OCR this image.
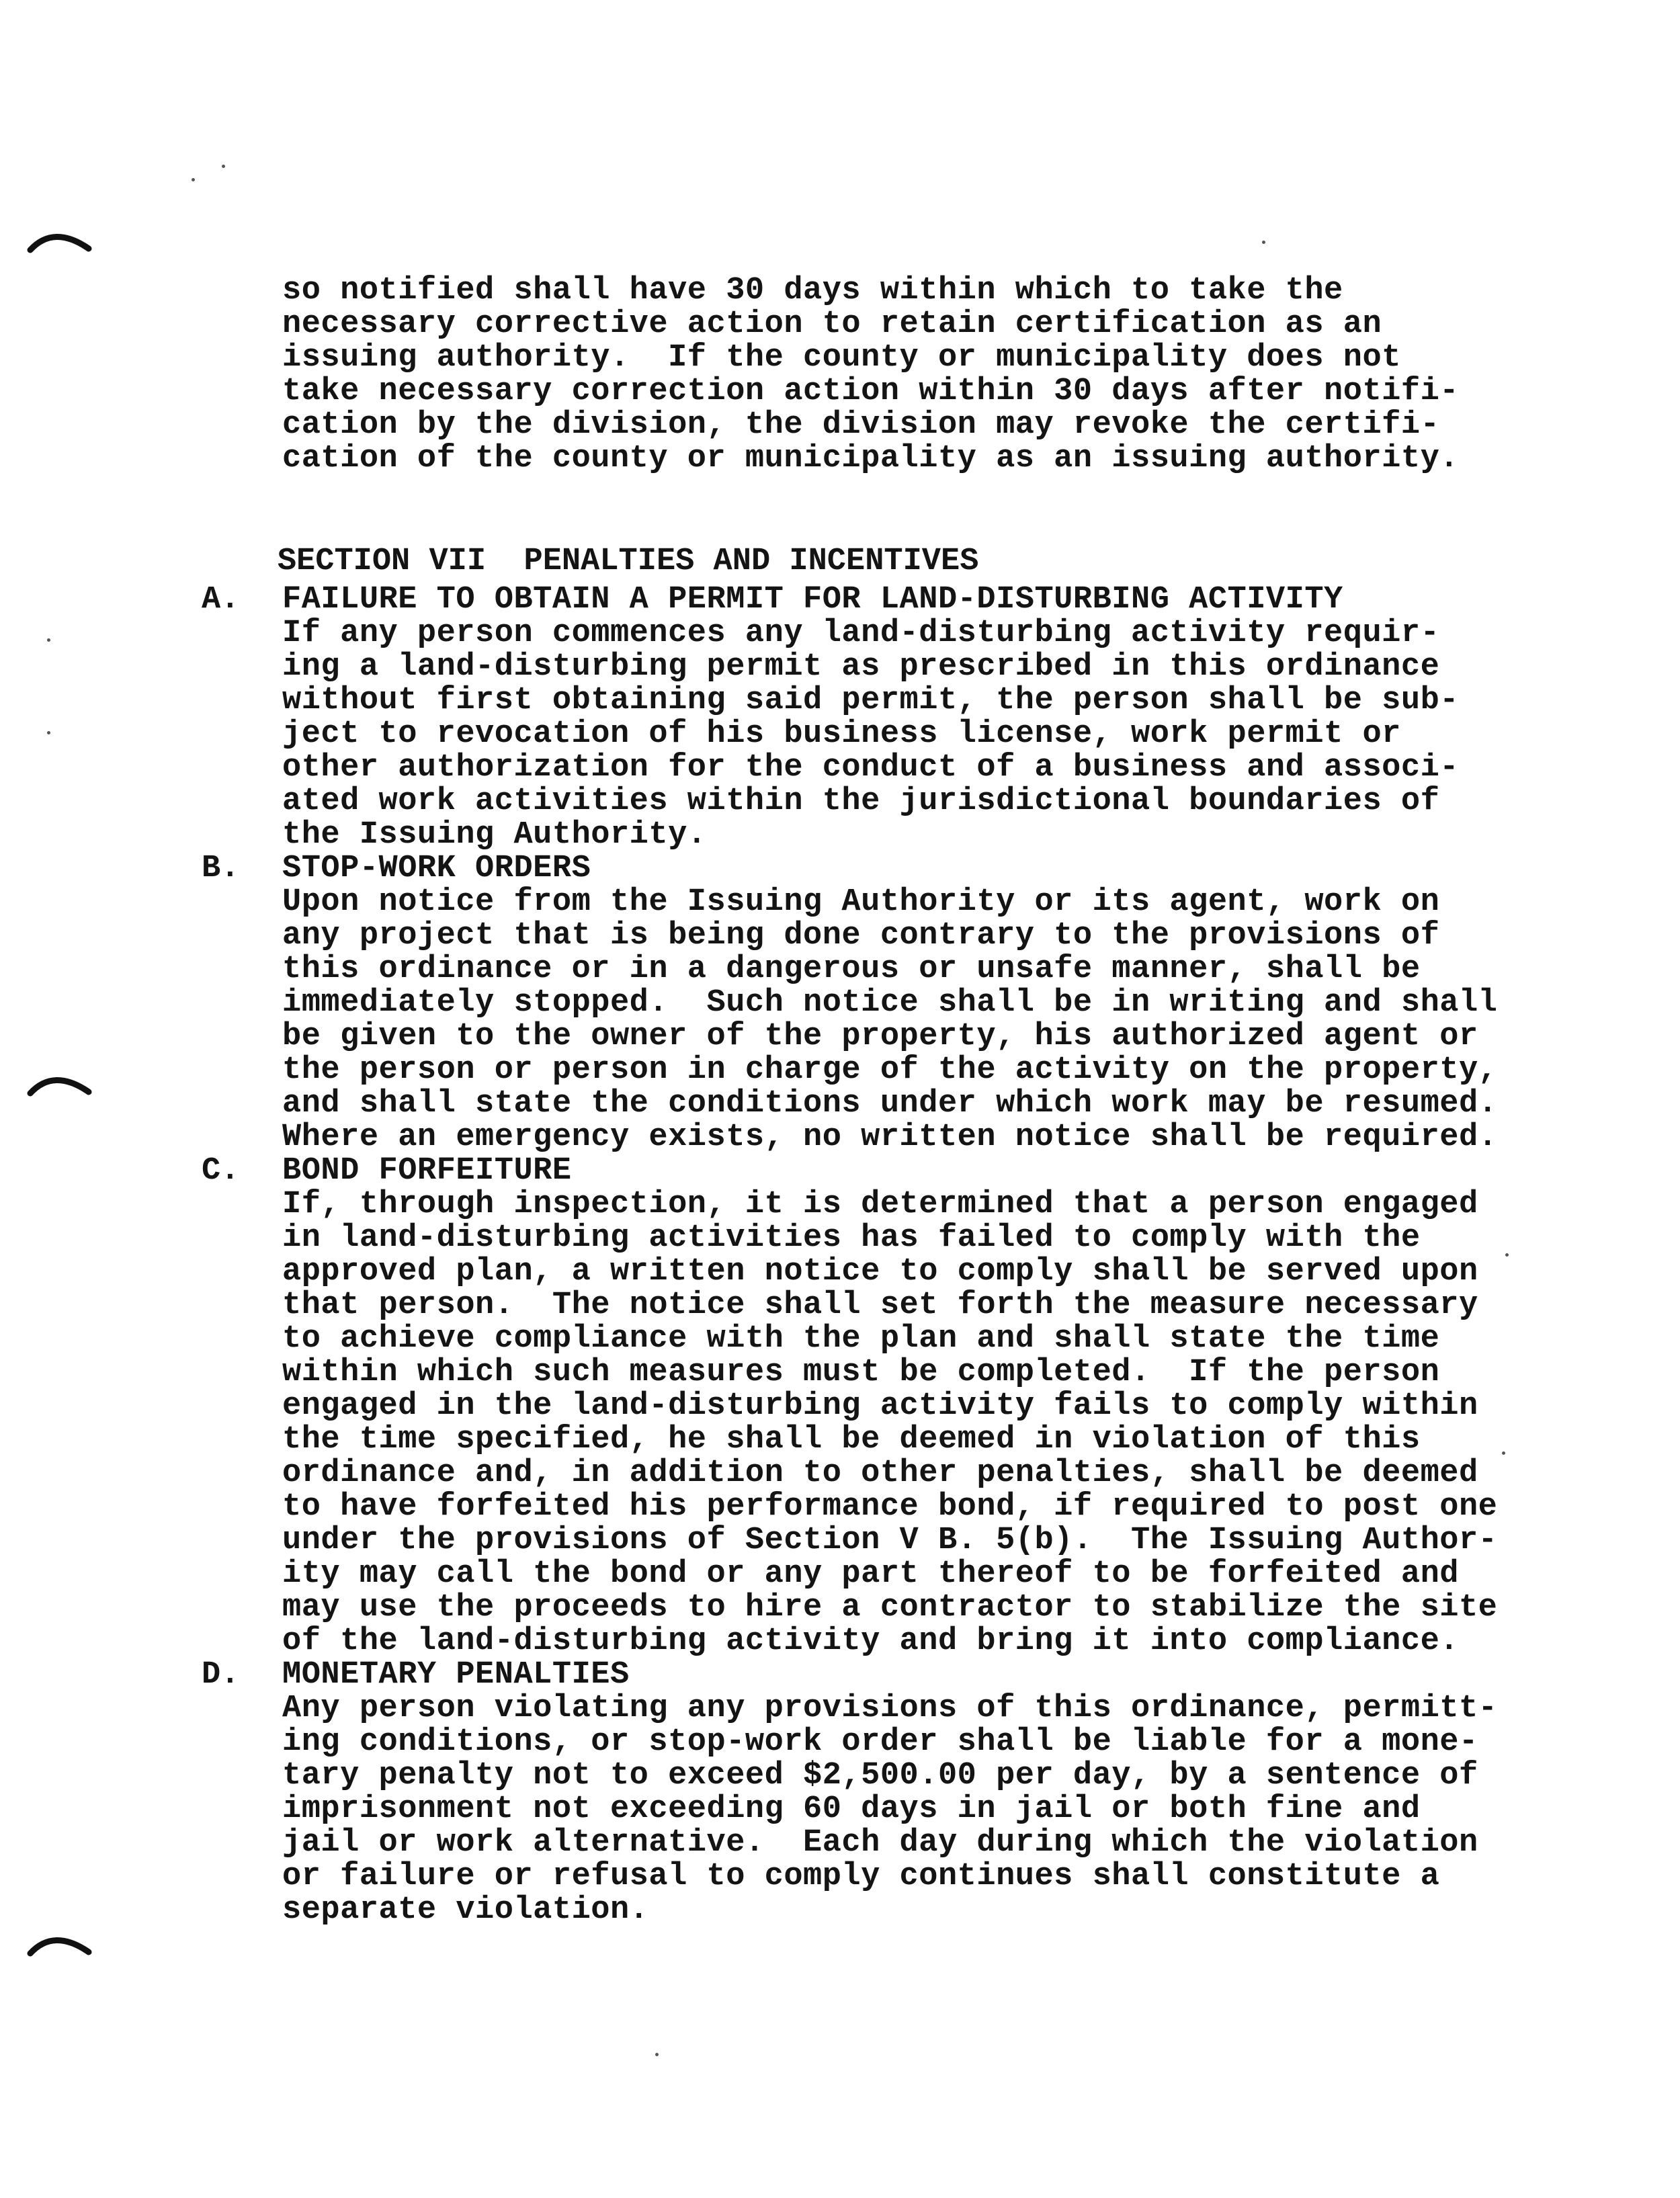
so notified shall have 30 days within which to take the
necessary corrective action to retain certification as an
issuing authority.  If the county or municipality does not
take necessary correction action within 30 days after notifi-
cation by the division, the division may revoke the certifi-
cation of the county or municipality as an issuing authority.

SECTION VII PENALTIES AND INCENTIVES

A. FAILURE TO OBTAIN A PERMIT FOR LAND-DISTURBING ACTIVITY
If any person commences any land-disturbing activity requir-
ing a land-disturbing permit as prescribed in this ordinance
without first obtaining said permit, the person shall be sub-
ject to revocation of his business license, work permit or
other authorization for the conduct of a business and associ-
ated work activities within the jurisdictional boundaries of
the Issuing Authority.
B. STOP-WORK ORDERS
Upon notice from the Issuing Authority or its agent, work on
any project that is being done contrary to the provisions of
this ordinance or in a dangerous or unsafe manner, shall be
immediately stopped.  Such notice shall be in writing and shall
be given to the owner of the property, his authorized agent or
the person or person in charge of the activity on the property,
and shall state the conditions under which work may be resumed.
Where an emergency exists, no written notice shall be required.
C. BOND FORFEITURE
If, through inspection, it is determined that a person engaged
in land-disturbing activities has failed to comply with the
approved plan, a written notice to comply shall be served upon
that person.  The notice shall set forth the measure necessary
to achieve compliance with the plan and shall state the time
within which such measures must be completed.  If the person
engaged in the land-disturbing activity fails to comply within
the time specified, he shall be deemed in violation of this
ordinance and, in addition to other penalties, shall be deemed
to have forfeited his performance bond, if required to post one
under the provisions of Section V B. 5(b).  The Issuing Author-
ity may call the bond or any part thereof to be forfeited and
may use the proceeds to hire a contractor to stabilize the site
of the land-disturbing activity and bring it into compliance.
D. MONETARY PENALTIES
Any person violating any provisions of this ordinance, permitt-
ing conditions, or stop-work order shall be liable for a mone-
tary penalty not to exceed $2,500.00 per day, by a sentence of
imprisonment not exceeding 60 days in jail or both fine and
jail or work alternative.  Each day during which the violation
or failure or refusal to comply continues shall constitute a
separate violation.
